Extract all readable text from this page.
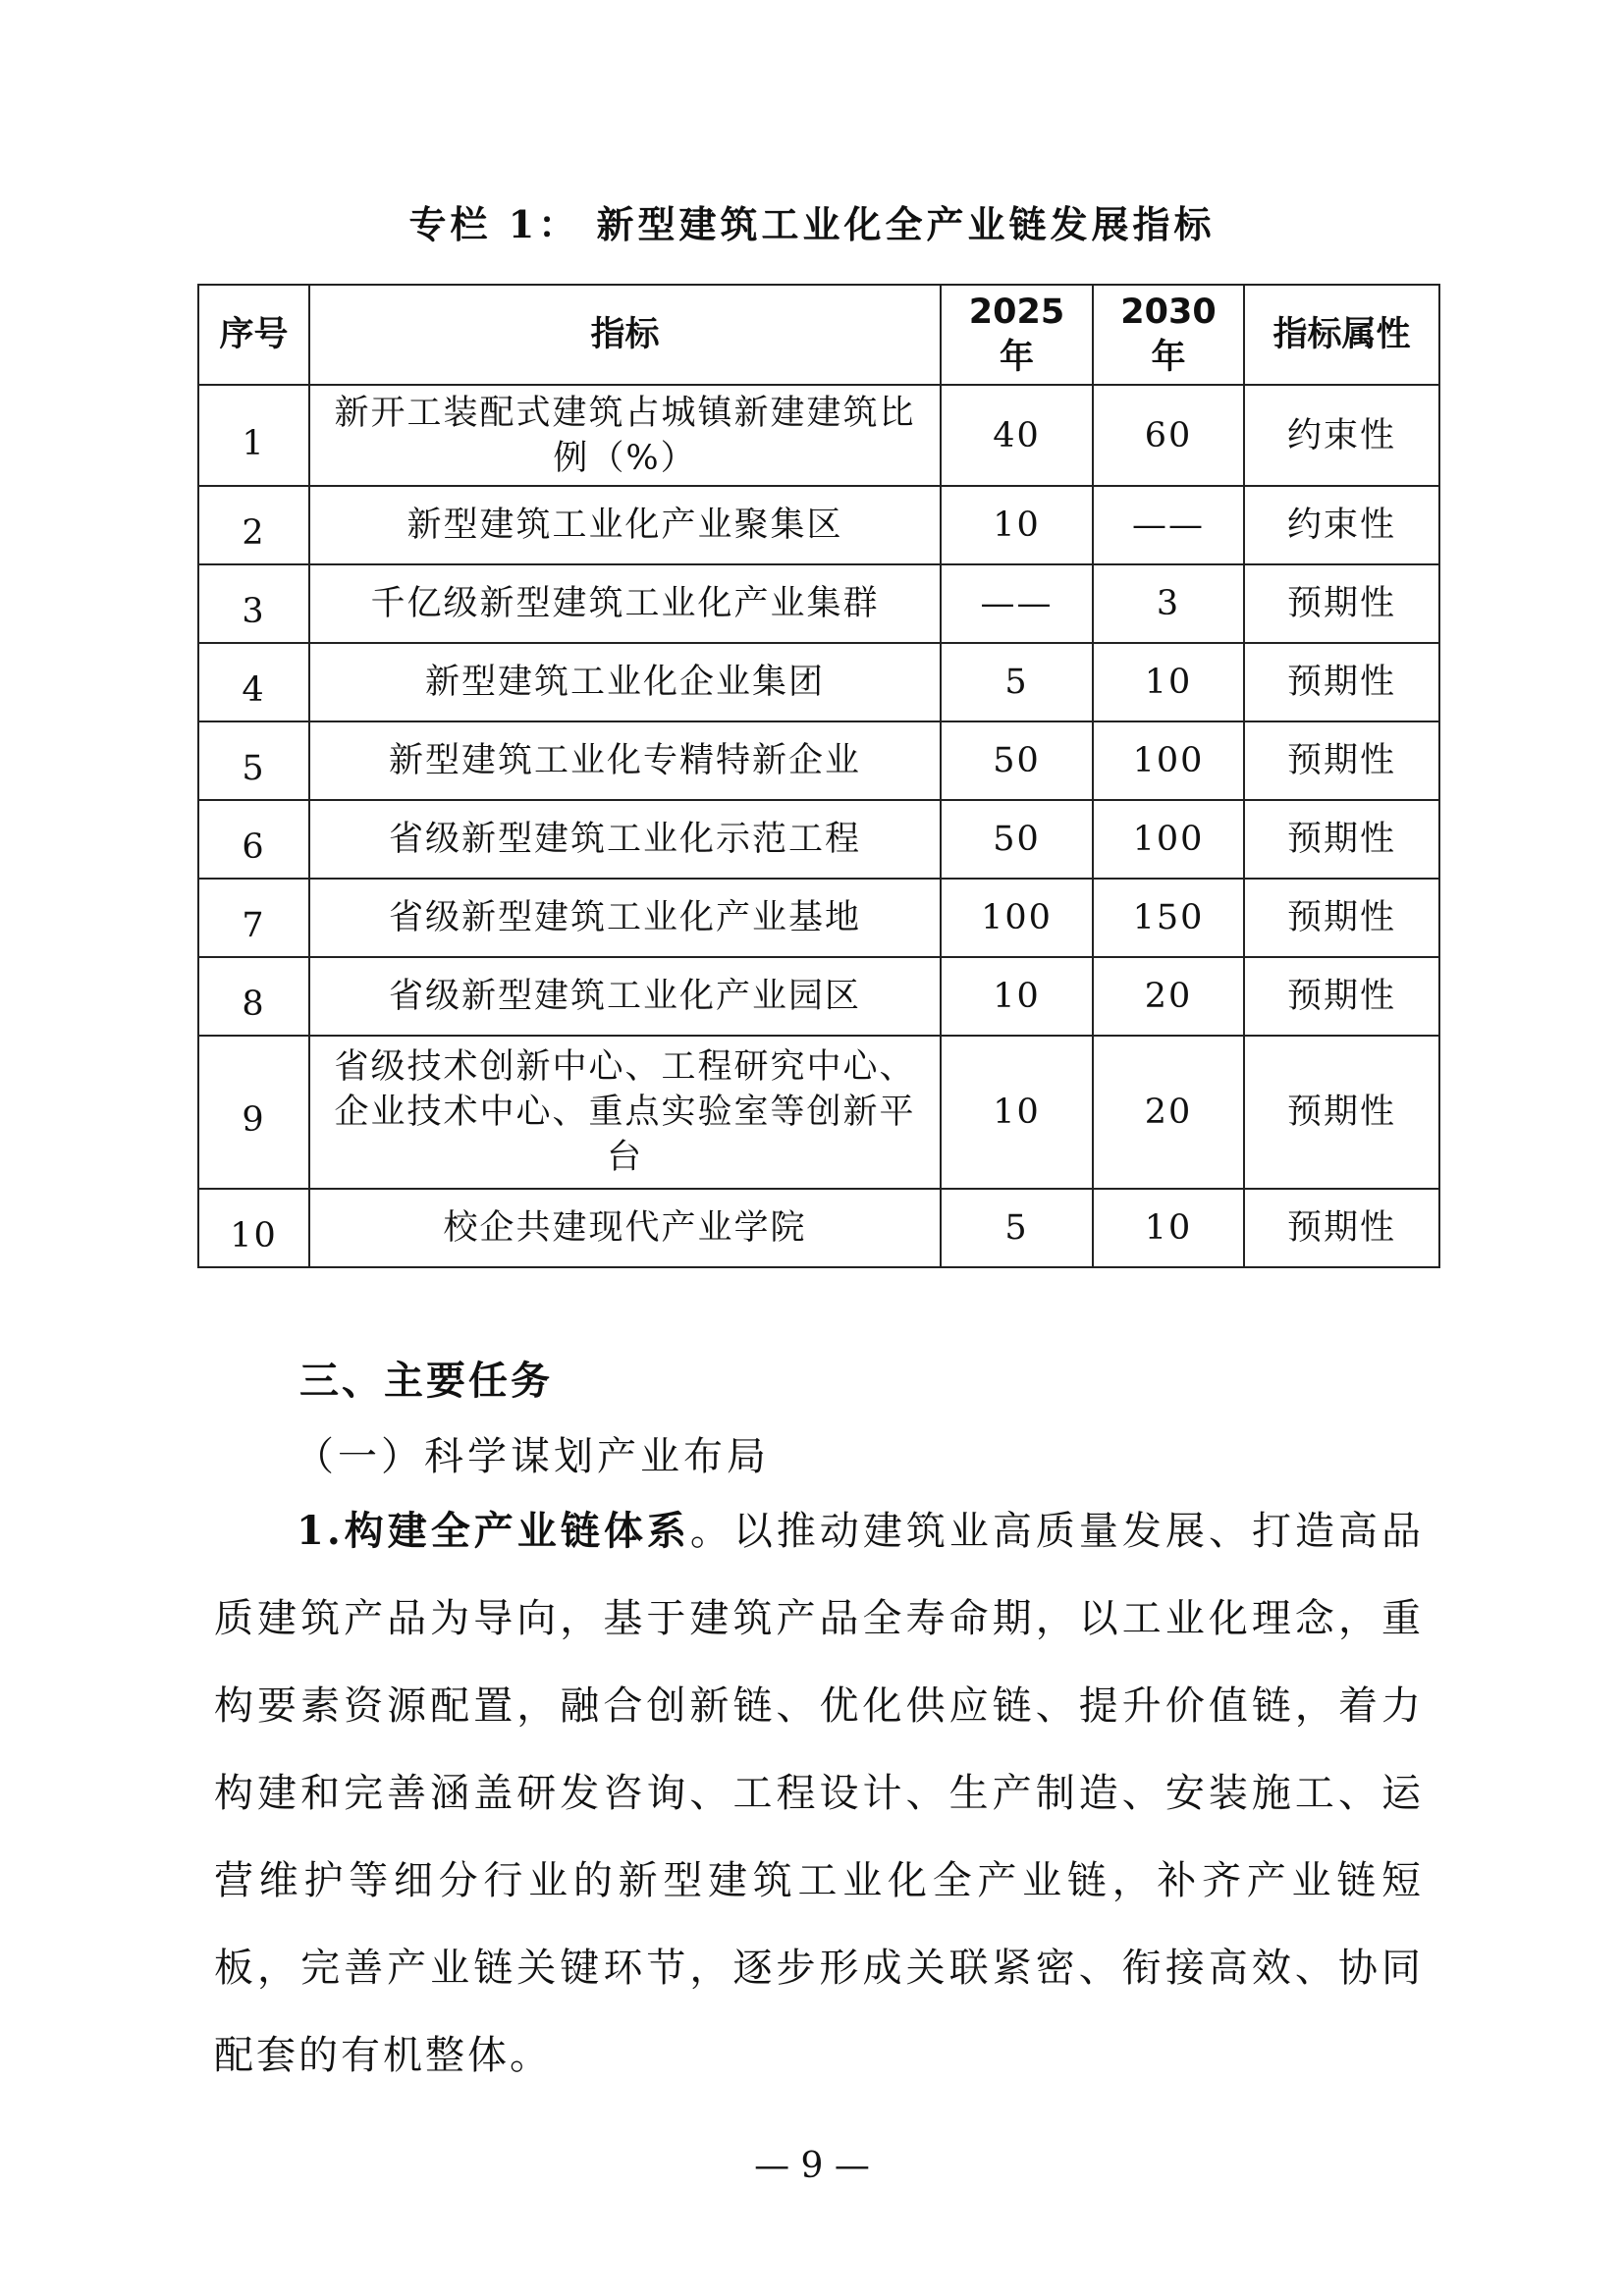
专栏 1： 新型建筑工业化全产业链发展指标
序号	指标	2025 年	2030 年	指标属性
1	新开工装配式建筑占城镇新建建筑比例（%）	40	60	约束性
2	新型建筑工业化产业聚集区	10	——	约束性
3	千亿级新型建筑工业化产业集群	——	3	预期性
4	新型建筑工业化企业集团	5	10	预期性
5	新型建筑工业化专精特新企业	50	100	预期性
6	省级新型建筑工业化示范工程	50	100	预期性
7	省级新型建筑工业化产业基地	100	150	预期性
8	省级新型建筑工业化产业园区	10	20	预期性
9	省级技术创新中心、工程研究中心、企业技术中心、重点实验室等创新平台	10	20	预期性
10	校企共建现代产业学院	5	10	预期性
三、主要任务
（一）科学谋划产业布局

1.构建全产业链体系。以推动建筑业高质量发展、打造高品质建筑产品为导向，基于建筑产品全寿命期，以工业化理念，重构要素资源配置，融合创新链、优化供应链、提升价值链，着力构建和完善涵盖研发咨询、工程设计、生产制造、安装施工、运营维护等细分行业的新型建筑工业化全产业链，补齐产业链短板，完善产业链关键环节，逐步形成关联紧密、衔接高效、协同配套的有机整体。

— 9 —
